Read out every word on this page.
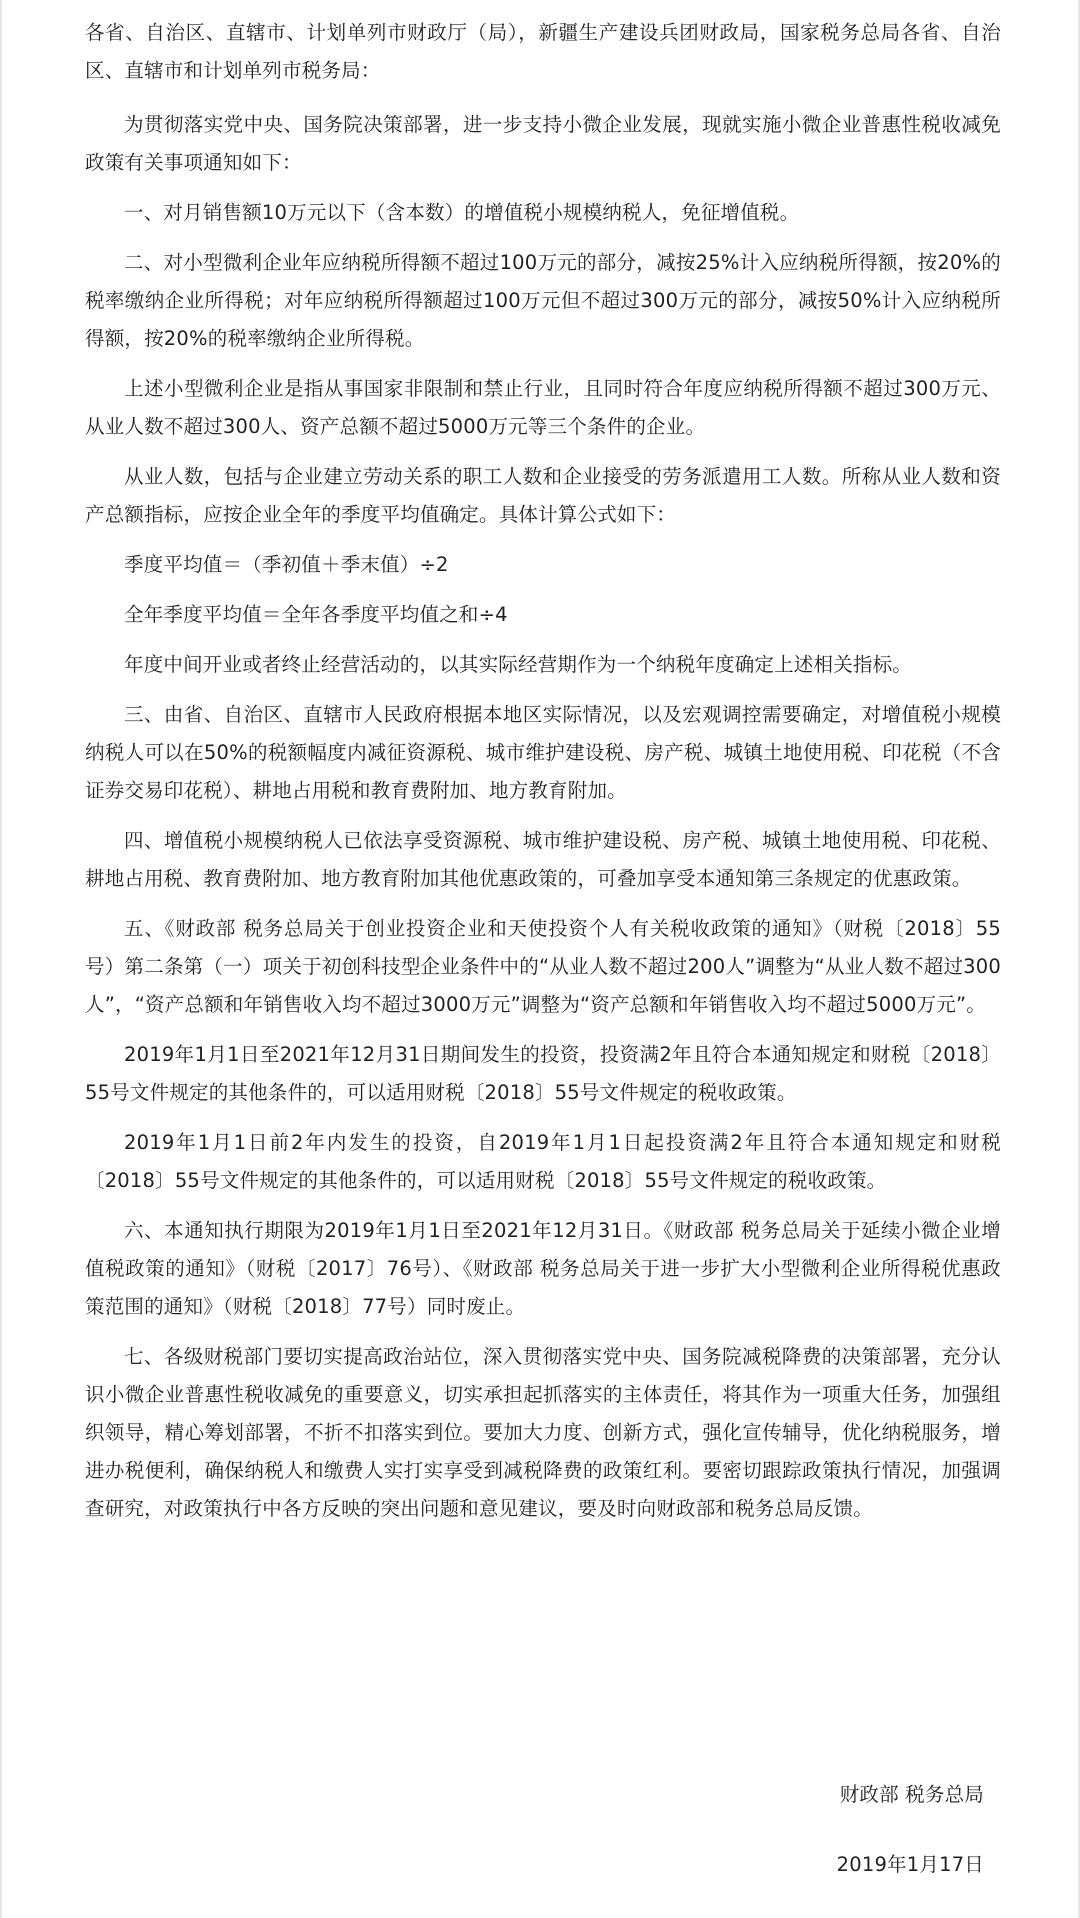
各省、自治区、直辖市、计划单列市财政厅（局），新疆生产建设兵团财政局，国家税务总局各省、自治区、直辖市和计划单列市税务局：

为贯彻落实党中央、国务院决策部署，进一步支持小微企业发展，现就实施小微企业普惠性税收减免政策有关事项通知如下：

一、对月销售额10万元以下（含本数）的增值税小规模纳税人，免征增值税。

二、对小型微利企业年应纳税所得额不超过100万元的部分，减按25%计入应纳税所得额，按20%的税率缴纳企业所得税；对年应纳税所得额超过100万元但不超过300万元的部分，减按50%计入应纳税所得额，按20%的税率缴纳企业所得税。

上述小型微利企业是指从事国家非限制和禁止行业，且同时符合年度应纳税所得额不超过300万元、从业人数不超过300人、资产总额不超过5000万元等三个条件的企业。

从业人数，包括与企业建立劳动关系的职工人数和企业接受的劳务派遣用工人数。所称从业人数和资产总额指标，应按企业全年的季度平均值确定。具体计算公式如下：

季度平均值＝（季初值＋季末值）÷2

全年季度平均值＝全年各季度平均值之和÷4

年度中间开业或者终止经营活动的，以其实际经营期作为一个纳税年度确定上述相关指标。

三、由省、自治区、直辖市人民政府根据本地区实际情况，以及宏观调控需要确定，对增值税小规模纳税人可以在50%的税额幅度内减征资源税、城市维护建设税、房产税、城镇土地使用税、印花税（不含证券交易印花税）、耕地占用税和教育费附加、地方教育附加。

四、增值税小规模纳税人已依法享受资源税、城市维护建设税、房产税、城镇土地使用税、印花税、耕地占用税、教育费附加、地方教育附加其他优惠政策的，可叠加享受本通知第三条规定的优惠政策。

五、《财政部 税务总局关于创业投资企业和天使投资个人有关税收政策的通知》（财税〔2018〕55号）第二条第（一）项关于初创科技型企业条件中的“从业人数不超过200人”调整为“从业人数不超过300人”，“资产总额和年销售收入均不超过3000万元”调整为“资产总额和年销售收入均不超过5000万元”。

2019年1月1日至2021年12月31日期间发生的投资，投资满2年且符合本通知规定和财税〔2018〕55号文件规定的其他条件的，可以适用财税〔2018〕55号文件规定的税收政策。

2019年1月1日前2年内发生的投资，自2019年1月1日起投资满2年且符合本通知规定和财税〔2018〕55号文件规定的其他条件的，可以适用财税〔2018〕55号文件规定的税收政策。

六、本通知执行期限为2019年1月1日至2021年12月31日。《财政部 税务总局关于延续小微企业增值税政策的通知》（财税〔2017〕76号）、《财政部 税务总局关于进一步扩大小型微利企业所得税优惠政策范围的通知》（财税〔2018〕77号）同时废止。

七、各级财税部门要切实提高政治站位，深入贯彻落实党中央、国务院减税降费的决策部署，充分认识小微企业普惠性税收减免的重要意义，切实承担起抓落实的主体责任，将其作为一项重大任务，加强组织领导，精心筹划部署，不折不扣落实到位。要加大力度、创新方式，强化宣传辅导，优化纳税服务，增进办税便利，确保纳税人和缴费人实打实享受到减税降费的政策红利。要密切跟踪政策执行情况，加强调查研究，对政策执行中各方反映的突出问题和意见建议，要及时向财政部和税务总局反馈。

财政部 税务总局
2019年1月17日
